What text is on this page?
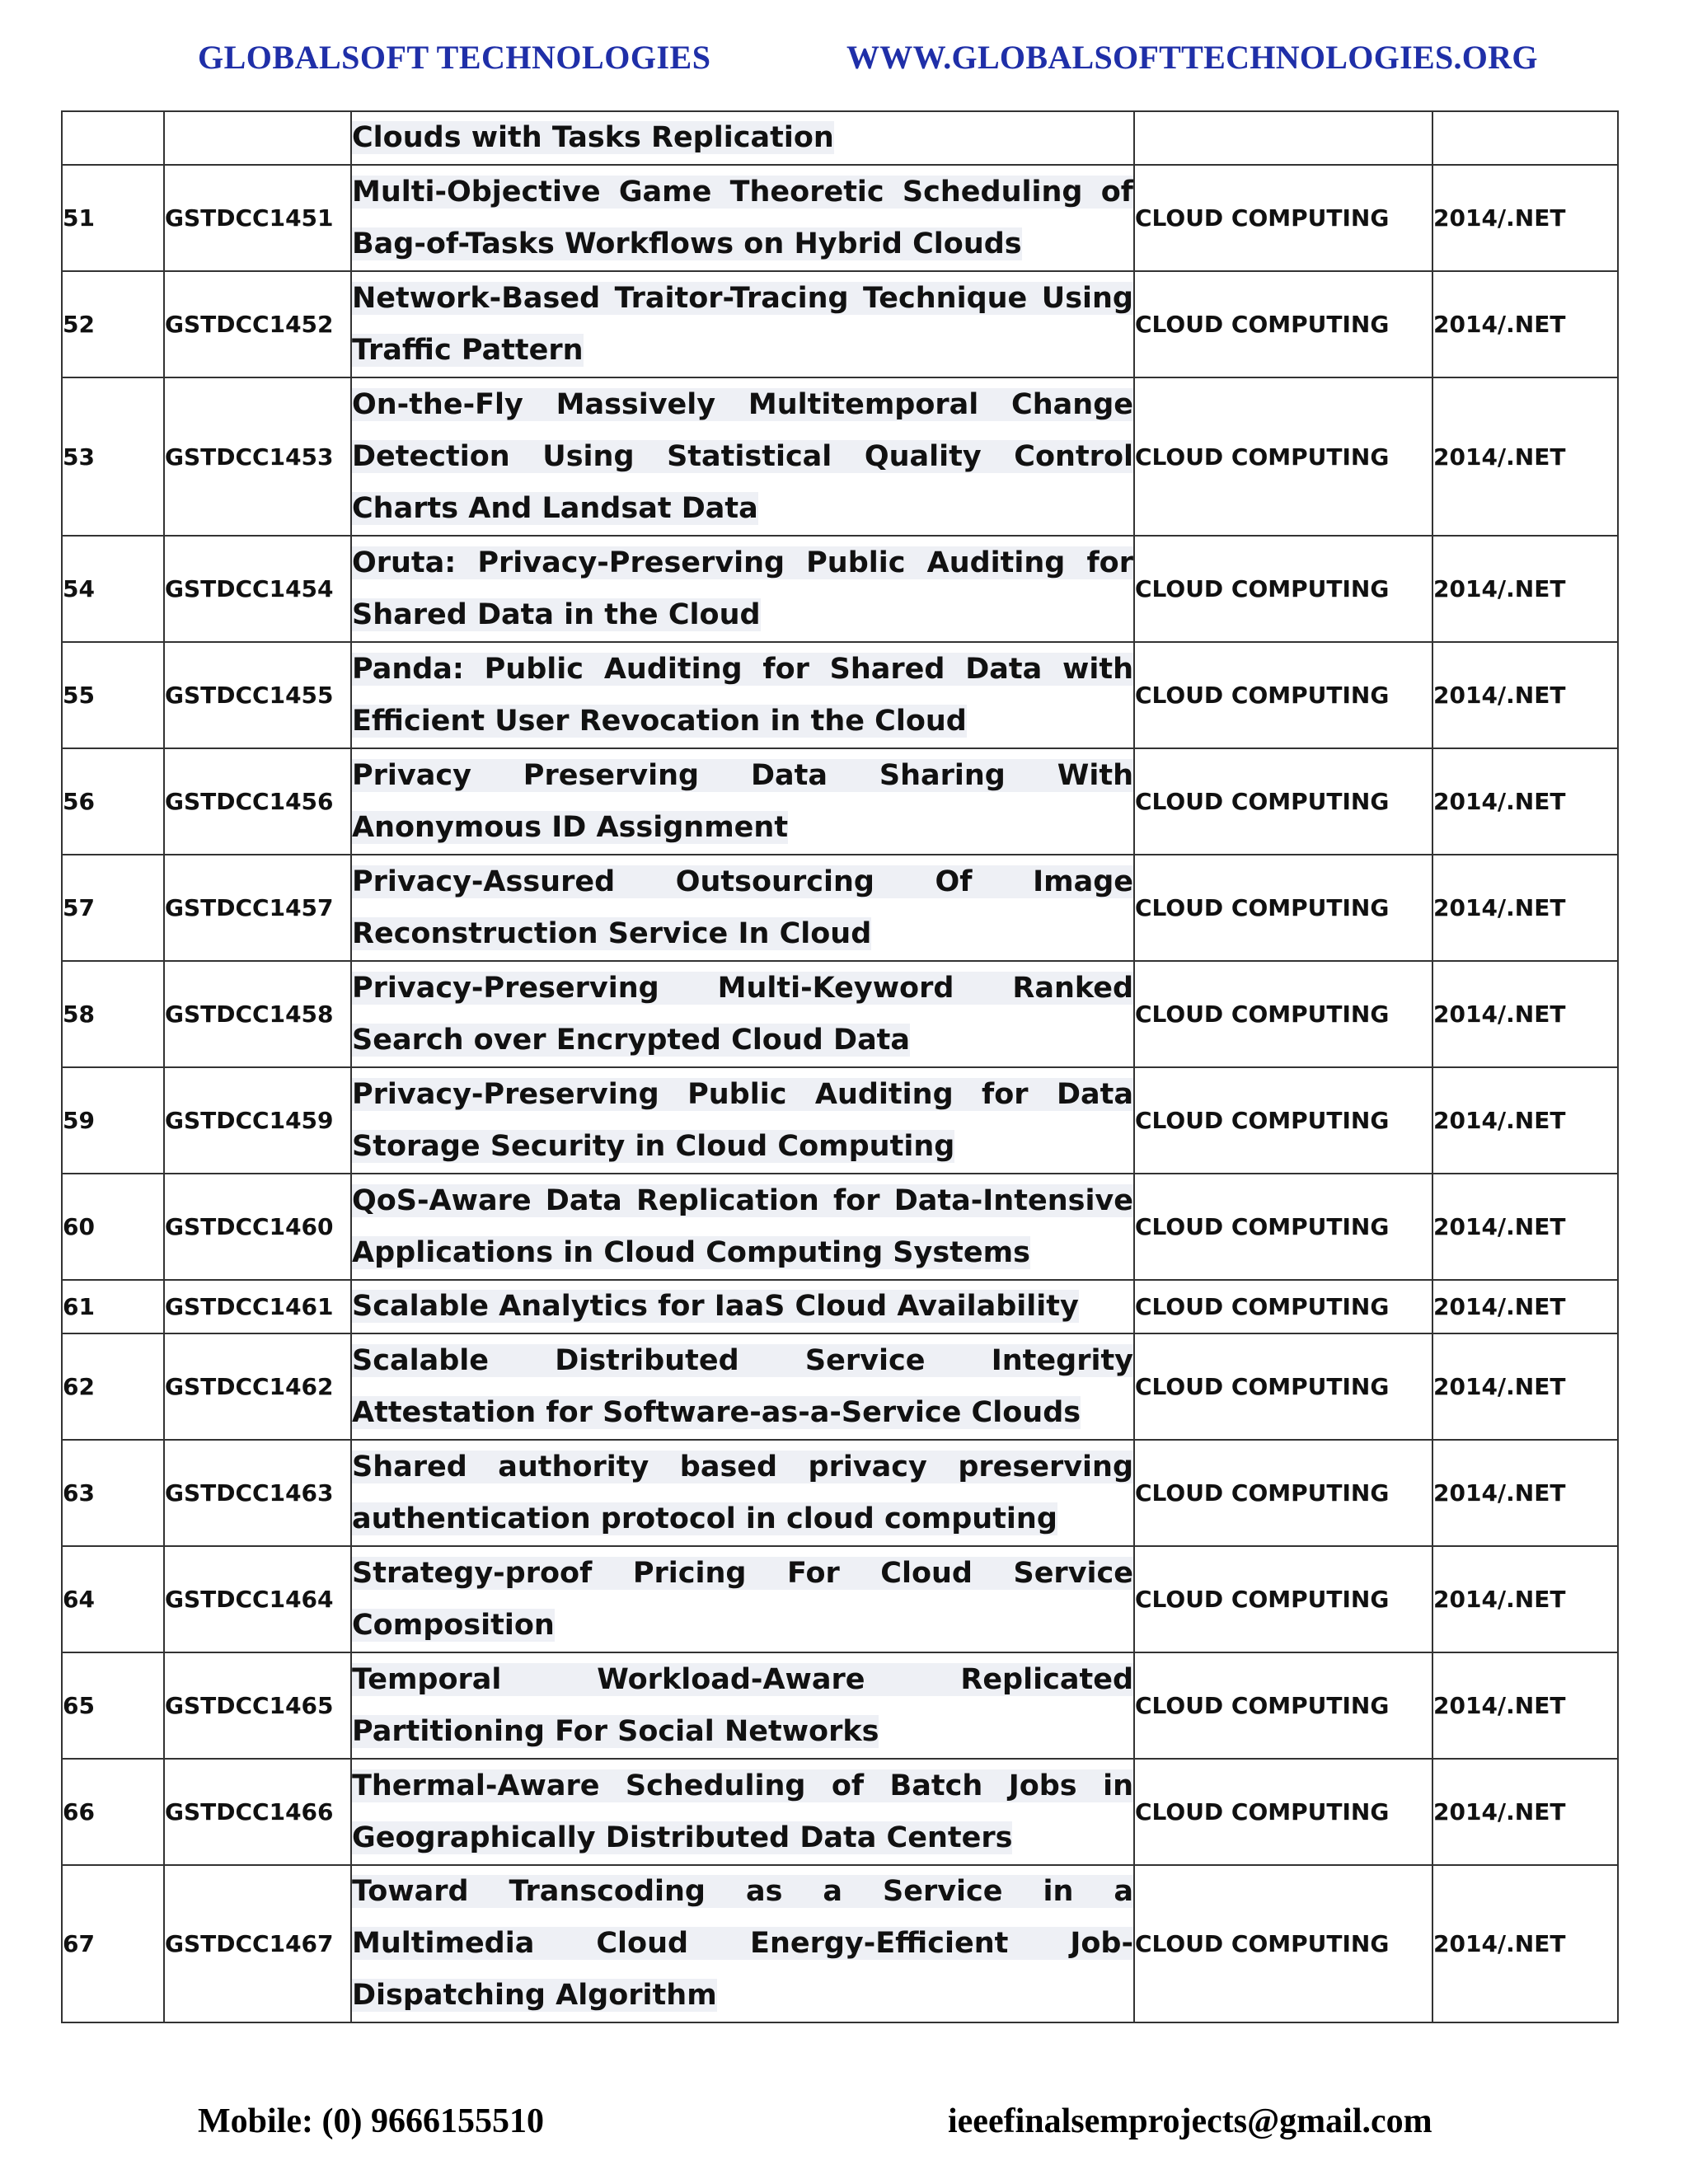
GLOBALSOFT TECHNOLOGIES	WWW.GLOBALSOFTTECHNOLOGIES.ORG
		Clouds with Tasks Replication		
51	GSTDCC1451	Multi-Objective Game Theoretic Scheduling of Bag-of-Tasks Workflows on Hybrid Clouds	CLOUD COMPUTING	2014/.NET
52	GSTDCC1452	Network-Based Traitor-Tracing Technique Using Traffic Pattern	CLOUD COMPUTING	2014/.NET
53	GSTDCC1453	On-the-Fly Massively Multitemporal Change Detection Using Statistical Quality Control Charts And Landsat Data	CLOUD COMPUTING	2014/.NET
54	GSTDCC1454	Oruta: Privacy-Preserving Public Auditing for Shared Data in the Cloud	CLOUD COMPUTING	2014/.NET
55	GSTDCC1455	Panda: Public Auditing for Shared Data with Efficient User Revocation in the Cloud	CLOUD COMPUTING	2014/.NET
56	GSTDCC1456	Privacy Preserving Data Sharing With Anonymous ID Assignment	CLOUD COMPUTING	2014/.NET
57	GSTDCC1457	Privacy-Assured Outsourcing Of Image Reconstruction Service In Cloud	CLOUD COMPUTING	2014/.NET
58	GSTDCC1458	Privacy-Preserving Multi-Keyword Ranked Search over Encrypted Cloud Data	CLOUD COMPUTING	2014/.NET
59	GSTDCC1459	Privacy-Preserving Public Auditing for Data Storage Security in Cloud Computing	CLOUD COMPUTING	2014/.NET
60	GSTDCC1460	QoS-Aware Data Replication for Data-Intensive Applications in Cloud Computing Systems	CLOUD COMPUTING	2014/.NET
61	GSTDCC1461	Scalable Analytics for IaaS Cloud Availability	CLOUD COMPUTING	2014/.NET
62	GSTDCC1462	Scalable Distributed Service Integrity Attestation for Software-as-a-Service Clouds	CLOUD COMPUTING	2014/.NET
63	GSTDCC1463	Shared authority based privacy preserving authentication protocol in cloud computing	CLOUD COMPUTING	2014/.NET
64	GSTDCC1464	Strategy-proof Pricing For Cloud Service Composition	CLOUD COMPUTING	2014/.NET
65	GSTDCC1465	Temporal Workload-Aware Replicated Partitioning For Social Networks	CLOUD COMPUTING	2014/.NET
66	GSTDCC1466	Thermal-Aware Scheduling of Batch Jobs in Geographically Distributed Data Centers	CLOUD COMPUTING	2014/.NET
67	GSTDCC1467	Toward Transcoding as a Service in a Multimedia Cloud Energy-Efficient Job-Dispatching Algorithm	CLOUD COMPUTING	2014/.NET
Mobile: (0) 9666155510	ieeefinalsemprojects@gmail.com
